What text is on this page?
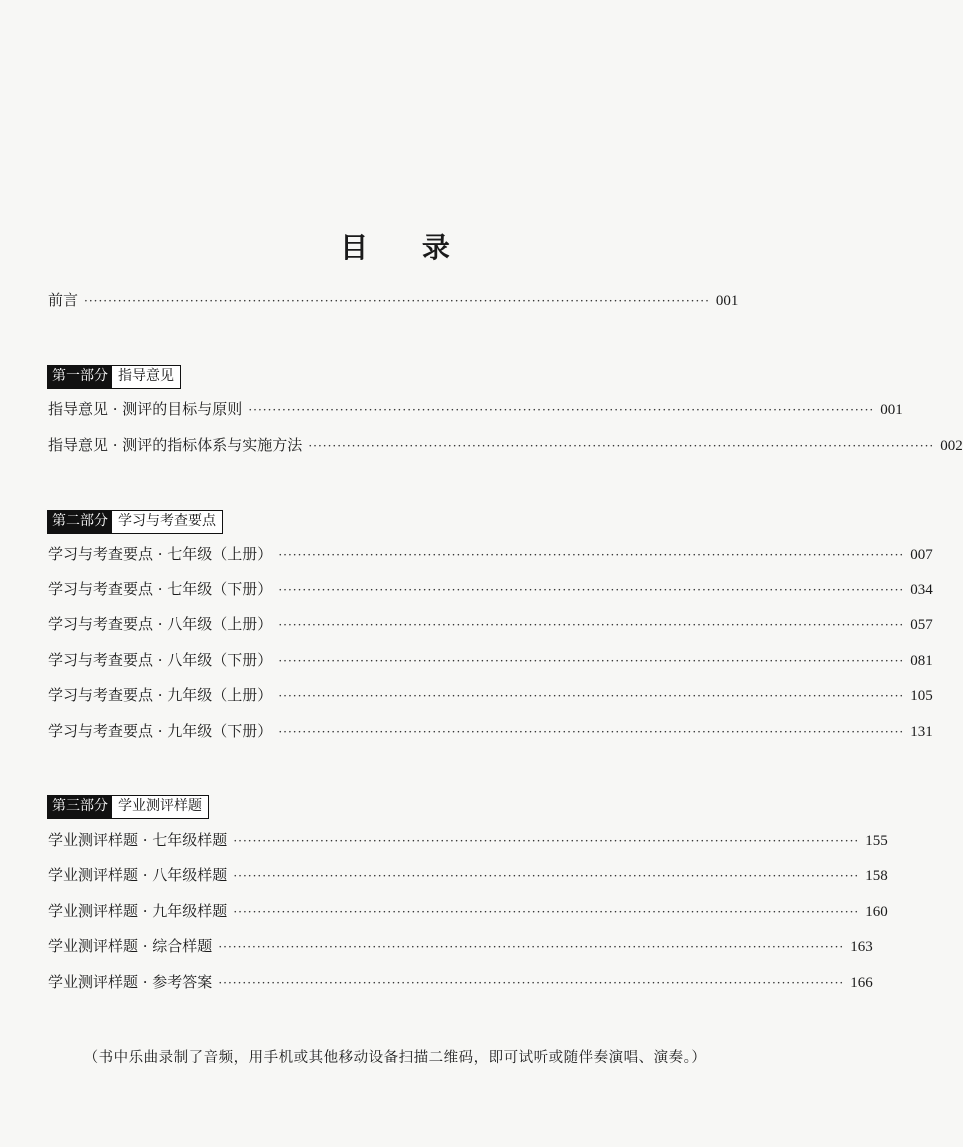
目 录
前言 ·································································································································· 001
第一部分 指导意见
指导意见 · 测评的目标与原则 ·································································································································· 001
指导意见 · 测评的指标体系与实施方法 ·································································································································· 002
第二部分 学习与考查要点
学习与考查要点 · 七年级（上册） ·································································································································· 007
学习与考查要点 · 七年级（下册） ·································································································································· 034
学习与考查要点 · 八年级（上册） ·································································································································· 057
学习与考查要点 · 八年级（下册） ·································································································································· 081
学习与考查要点 · 九年级（上册） ·································································································································· 105
学习与考查要点 · 九年级（下册） ·································································································································· 131
第三部分 学业测评样题
学业测评样题 · 七年级样题 ·································································································································· 155
学业测评样题 · 八年级样题 ·································································································································· 158
学业测评样题 · 九年级样题 ·································································································································· 160
学业测评样题 · 综合样题 ·································································································································· 163
学业测评样题 · 参考答案 ·································································································································· 166
（书中乐曲录制了音频，用手机或其他移动设备扫描二维码，即可试听或随伴奏演唱、演奏。）
